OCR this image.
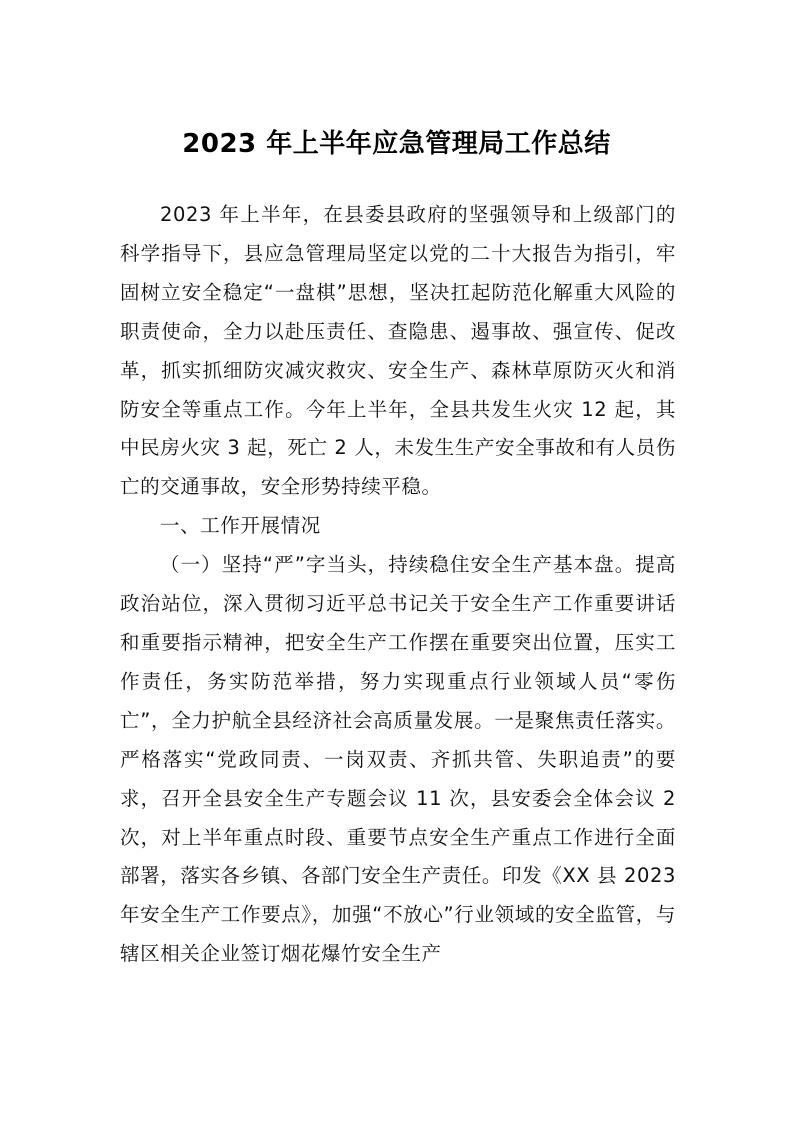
2023 年上半年应急管理局工作总结

2023 年上半年，在县委县政府的坚强领导和上级部门的科学指导下，县应急管理局坚定以党的二十大报告为指引，牢固树立安全稳定“一盘棋”思想，坚决扛起防范化解重大风险的职责使命，全力以赴压责任、查隐患、遏事故、强宣传、促改革，抓实抓细防灾减灾救灾、安全生产、森林草原防灭火和消防安全等重点工作。今年上半年，全县共发生火灾 12 起，其中民房火灾 3 起，死亡 2 人，未发生生产安全事故和有人员伤亡的交通事故，安全形势持续平稳。

一、工作开展情况

（一）坚持“严”字当头，持续稳住安全生产基本盘。提高政治站位，深入贯彻习近平总书记关于安全生产工作重要讲话和重要指示精神，把安全生产工作摆在重要突出位置，压实工作责任，务实防范举措，努力实现重点行业领域人员“零伤亡”，全力护航全县经济社会高质量发展。一是聚焦责任落实。严格落实“党政同责、一岗双责、齐抓共管、失职追责”的要求，召开全县安全生产专题会议 11 次，县安委会全体会议 2 次，对上半年重点时段、重要节点安全生产重点工作进行全面部署，落实各乡镇、各部门安全生产责任。印发《XX 县 2023 年安全生产工作要点》，加强“不放心”行业领域的安全监管，与辖区相关企业签订烟花爆竹安全生产
